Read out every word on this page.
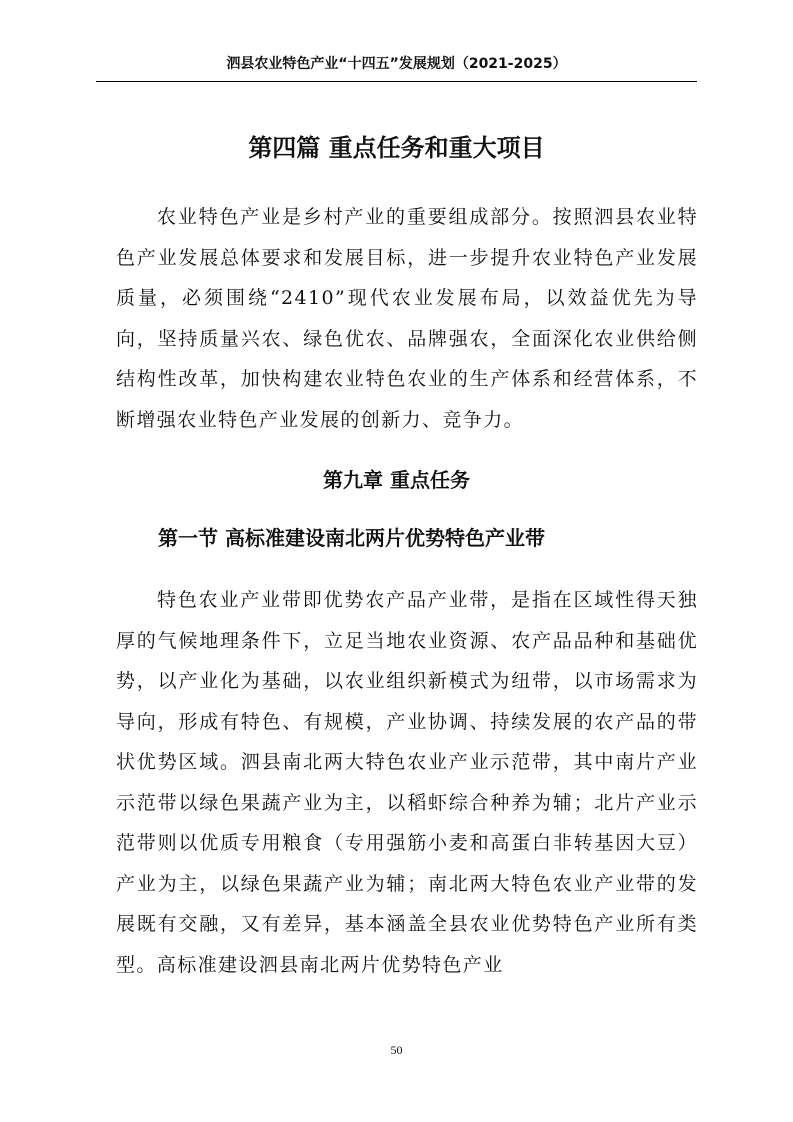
泗县农业特色产业“十四五”发展规划（2021-2025）
第四篇 重点任务和重大项目

农业特色产业是乡村产业的重要组成部分。按照泗县农业特色产业发展总体要求和发展目标，进一步提升农业特色产业发展质量，必须围绕“2410”现代农业发展布局，以效益优先为导向，坚持质量兴农、绿色优农、品牌强农，全面深化农业供给侧结构性改革，加快构建农业特色农业的生产体系和经营体系，不断增强农业特色产业发展的创新力、竞争力。

第九章 重点任务
第一节 高标准建设南北两片优势特色产业带

特色农业产业带即优势农产品产业带，是指在区域性得天独厚的气候地理条件下，立足当地农业资源、农产品品种和基础优势，以产业化为基础，以农业组织新模式为纽带，以市场需求为导向，形成有特色、有规模，产业协调、持续发展的农产品的带状优势区域。泗县南北两大特色农业产业示范带，其中南片产业示范带以绿色果蔬产业为主，以稻虾综合种养为辅；北片产业示范带则以优质专用粮食（专用强筋小麦和高蛋白非转基因大豆）产业为主，以绿色果蔬产业为辅；南北两大特色农业产业带的发展既有交融，又有差异，基本涵盖全县农业优势特色产业所有类型。高标准建设泗县南北两片优势特色产业

50
